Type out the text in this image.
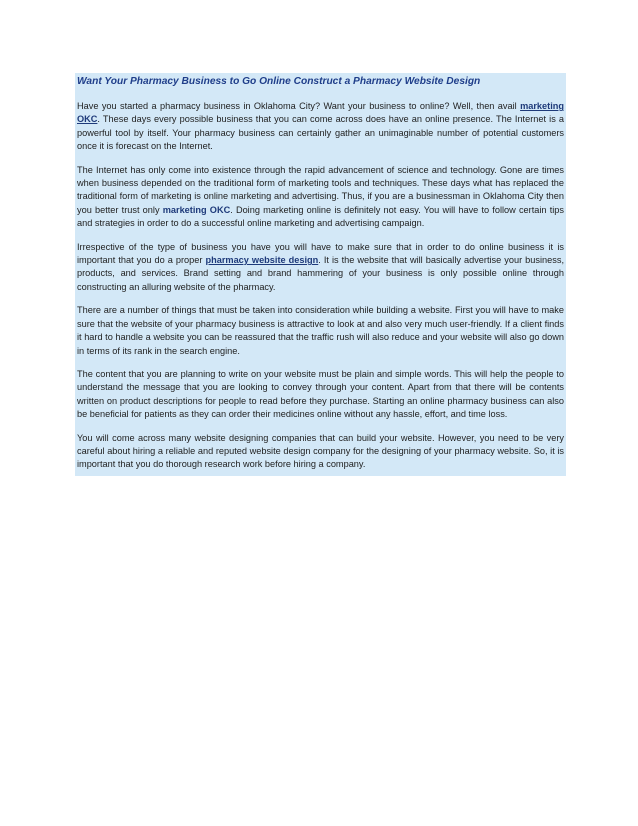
Want Your Pharmacy Business to Go Online Construct a Pharmacy Website Design

Have you started a pharmacy business in Oklahoma City? Want your business to online? Well, then avail marketing OKC. These days every possible business that you can come across does have an online presence. The Internet is a powerful tool by itself. Your pharmacy business can certainly gather an unimaginable number of potential customers once it is forecast on the Internet.

The Internet has only come into existence through the rapid advancement of science and technology. Gone are times when business depended on the traditional form of marketing tools and techniques. These days what has replaced the traditional form of marketing is online marketing and advertising. Thus, if you are a businessman in Oklahoma City then you better trust only marketing OKC. Doing marketing online is definitely not easy. You will have to follow certain tips and strategies in order to do a successful online marketing and advertising campaign.

Irrespective of the type of business you have you will have to make sure that in order to do online business it is important that you do a proper pharmacy website design. It is the website that will basically advertise your business, products, and services. Brand setting and brand hammering of your business is only possible online through constructing an alluring website of the pharmacy.

There are a number of things that must be taken into consideration while building a website. First you will have to make sure that the website of your pharmacy business is attractive to look at and also very much user-friendly. If a client finds it hard to handle a website you can be reassured that the traffic rush will also reduce and your website will also go down in terms of its rank in the search engine.

The content that you are planning to write on your website must be plain and simple words. This will help the people to understand the message that you are looking to convey through your content. Apart from that there will be contents written on product descriptions for people to read before they purchase. Starting an online pharmacy business can also be beneficial for patients as they can order their medicines online without any hassle, effort, and time loss.

You will come across many website designing companies that can build your website. However, you need to be very careful about hiring a reliable and reputed website design company for the designing of your pharmacy website. So, it is important that you do thorough research work before hiring a company.
